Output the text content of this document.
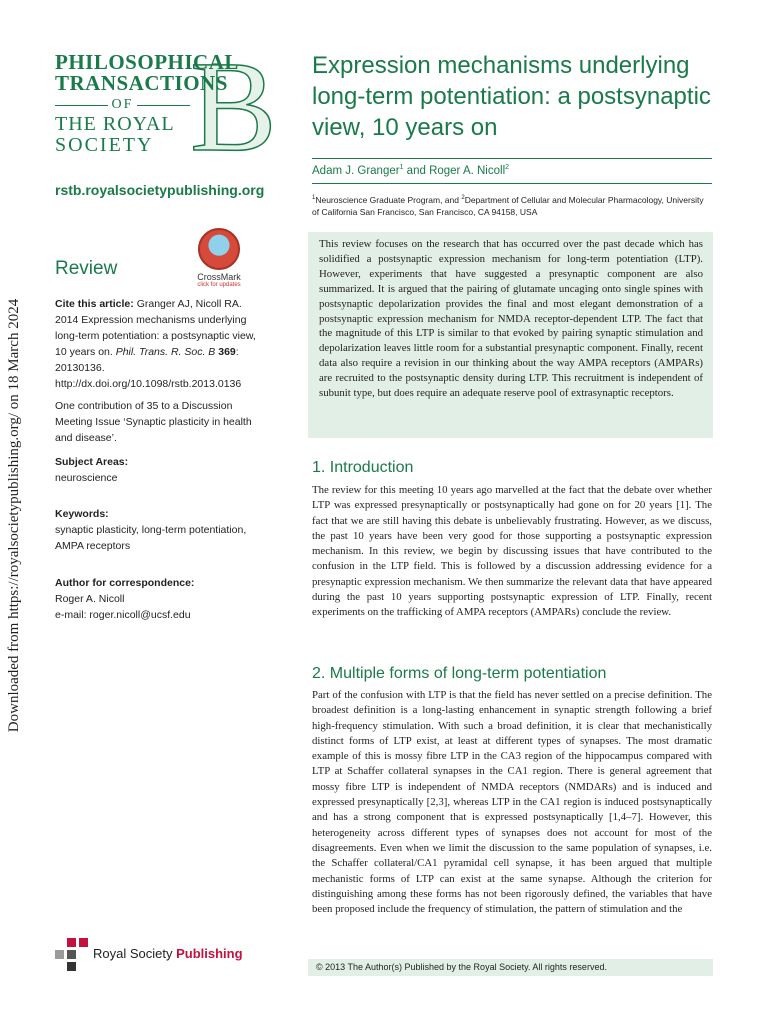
Downloaded from https://royalsocietypublishing.org/ on 18 March 2024
B
PHILOSOPHICAL
TRANSACTIONS
OF
THE ROYAL
SOCIETY
rstb.royalsocietypublishing.org
Review	CrossMark
click for updates
Cite this article: Granger AJ, Nicoll RA. 2014 Expression mechanisms underlying long-term potentiation: a postsynaptic view, 10 years on. Phil. Trans. R. Soc. B 369: 20130136.
http://dx.doi.org/10.1098/rstb.2013.0136
One contribution of 35 to a Discussion Meeting Issue ‘Synaptic plasticity in health and disease’.
Subject Areas:
neuroscience
Keywords:
synaptic plasticity, long-term potentiation, AMPA receptors
Author for correspondence:
Roger A. Nicoll
e-mail: roger.nicoll@ucsf.edu
Expression mechanisms underlying long-term potentiation: a postsynaptic view, 10 years on
Adam J. Granger$^1$ and Roger A. Nicoll$^2$
$^1$Neuroscience Graduate Program, and $^2$Department of Cellular and Molecular Pharmacology, University of California San Francisco, San Francisco, CA 94158, USA
This review focuses on the research that has occurred over the past decade which has solidified a postsynaptic expression mechanism for long-term potentiation (LTP). However, experiments that have suggested a presynaptic component are also summarized. It is argued that the pairing of glutamate uncaging onto single spines with postsynaptic depolarization provides the final and most elegant demonstration of a postsynaptic expression mechanism for NMDA receptor-dependent LTP. The fact that the magnitude of this LTP is similar to that evoked by pairing synaptic stimulation and depolarization leaves little room for a substantial presynaptic component. Finally, recent data also require a revision in our thinking about the way AMPA receptors (AMPARs) are recruited to the postsynaptic density during LTP. This recruitment is independent of subunit type, but does require an adequate reserve pool of extrasynaptic receptors.
1. Introduction
The review for this meeting 10 years ago marvelled at the fact that the debate over whether LTP was expressed presynaptically or postsynaptically had gone on for 20 years [1]. The fact that we are still having this debate is unbelievably frustrating. However, as we discuss, the past 10 years have been very good for those supporting a postsynaptic expression mechanism. In this review, we begin by discussing issues that have contributed to the confusion in the LTP field. This is followed by a discussion addressing evidence for a presynaptic expression mechanism. We then summarize the relevant data that have appeared during the past 10 years supporting postsynaptic expression of LTP. Finally, recent experiments on the trafficking of AMPA receptors (AMPARs) conclude the review.
2. Multiple forms of long-term potentiation
Part of the confusion with LTP is that the field has never settled on a precise definition. The broadest definition is a long-lasting enhancement in synaptic strength following a brief high-frequency stimulation. With such a broad definition, it is clear that mechanistically distinct forms of LTP exist, at least at different types of synapses. The most dramatic example of this is mossy fibre LTP in the CA3 region of the hippocampus compared with LTP at Schaffer collateral synapses in the CA1 region. There is general agreement that mossy fibre LTP is independent of NMDA receptors (NMDARs) and is induced and expressed presynaptically [2,3], whereas LTP in the CA1 region is induced postsynaptically and has a strong component that is expressed postsynaptically [1,4–7]. However, this heterogeneity across different types of synapses does not account for most of the disagreements. Even when we limit the discussion to the same population of synapses, i.e. the Schaffer collateral/CA1 pyramidal cell synapse, it has been argued that multiple mechanistic forms of LTP can exist at the same synapse. Although the criterion for distinguishing among these forms has not been rigorously defined, the variables that have been proposed include the frequency of stimulation, the pattern of stimulation and the
Royal Society Publishing
© 2013 The Author(s) Published by the Royal Society. All rights reserved.
